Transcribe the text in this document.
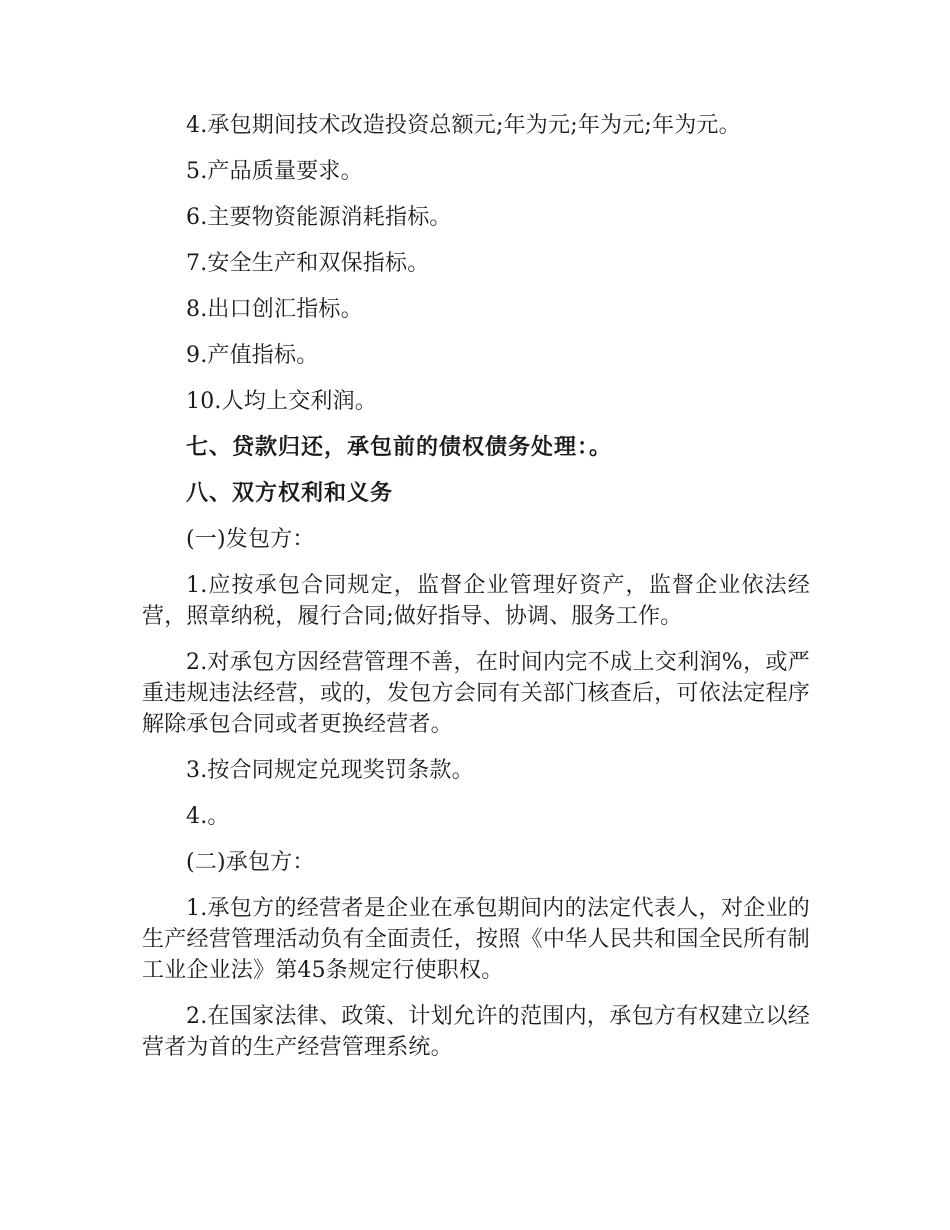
4.承包期间技术改造投资总额元;年为元;年为元;年为元。

5.产品质量要求。

6.主要物资能源消耗指标。

7.安全生产和双保指标。

8.出口创汇指标。

9.产值指标。

10.人均上交利润。

七、贷款归还，承包前的债权债务处理：。

八、双方权利和义务

(一)发包方：

1.应按承包合同规定，监督企业管理好资产，监督企业依法经营，照章纳税，履行合同;做好指导、协调、服务工作。

2.对承包方因经营管理不善，在时间内完不成上交利润%，或严重违规违法经营，或的，发包方会同有关部门核查后，可依法定程序解除承包合同或者更换经营者。

3.按合同规定兑现奖罚条款。

4.。

(二)承包方：

1.承包方的经营者是企业在承包期间内的法定代表人，对企业的生产经营管理活动负有全面责任，按照《中华人民共和国全民所有制工业企业法》第45条规定行使职权。

2.在国家法律、政策、计划允许的范围内，承包方有权建立以经营者为首的生产经营管理系统。
